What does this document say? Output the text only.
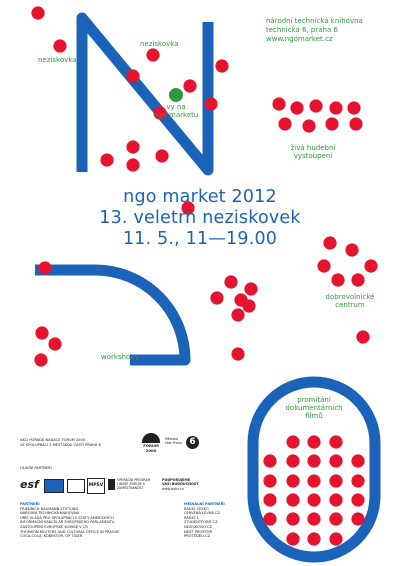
národní technická knihovna
technická 6, praha 6
www.ngomarket.cz
neziskovka
neziskovka
vy na
ngo marketu
živá hudební
vystoupení
dobrovolnické
centrum
workshopy
promítání
dokumentárních
filmů
ngo market 2012
13. veletrh neziskovek
11. 5., 11—19.00
AKCI POŘÁDÁ NADACE FORUM 2000
VE SPOLUPRÁCI S MĚSTSKOU ČÁSTÍ PRAHA 6	FORUM 2000
Městská část Praha 6
HLAVNÍ PARTNEŘI
esf	MPSV
OPERAČNÍ PROGRAM LIDSKÉ ZDROJE A ZAMĚSTNANOST
PODPORUJEME
VAŠI BUDOUCNOST
www.esfcr.cz
PARTNEŘI
FRIEDRICH NAUMANN STIFTUNG
NÁRODNÍ TECHNICKÁ KNIHOVNA
HŘÍŠ VLÁDA PRO SPOLUPRÁCI S STÁTY AMERICKÝCH
INFORMAČNÍ KANCELÁŘ EVROPSKÉHO PARLAMENTU
ZASTOUPENÍ EVROPSKÉ KOMISE V ČR
THOMSON REUTERS AND CULTURAL OFFICE IN PRAGUE
COCA-COLA, KOBEKTOR, OP TIGER
MEDIÁLNÍ PARTNEŘI
RÁDIO ČESKO
ČERVENÁ LEVNÁ.CZ
RÁDIO 1
STUDENTPOINT.CZ
NEZISKOVKY.CZ
NEXT PROSTOR
PROTĚDĚLI.CZ
